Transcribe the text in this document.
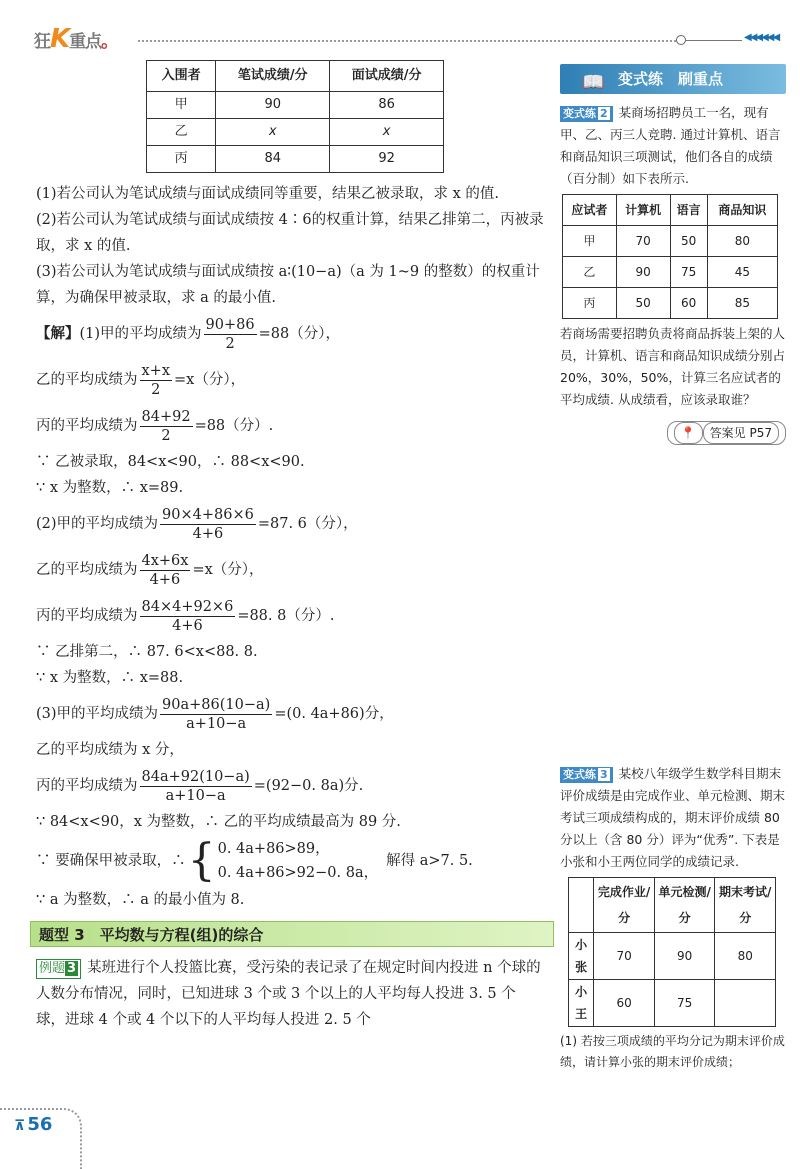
狂K重点。	◀◀◀◀◀◀
入围者	笔试成绩/分	面试成绩/分
甲	90	86
乙	x	x
丙	84	92

(1)若公司认为笔试成绩与面试成绩同等重要，结果乙被录取，求 x 的值.

(2)若公司认为笔试成绩与面试成绩按 4∶6的权重计算，结果乙排第二，丙被录取，求 x 的值.

(3)若公司认为笔试成绩与面试成绩按 a∶(10−a)（a 为 1~9 的整数）的权重计算，为确保甲被录取，求 a 的最小值.

【解】 (1)甲的平均成绩为 $\frac{90+86}{2} =88$（分），
乙的平均成绩为 $\frac{x+x}{2} =x$（分），
丙的平均成绩为 $\frac{84+92}{2} =88$（分）.

∵ 乙被录取，84<x<90，∴ 88<x<90.

∵ x 为整数，∴ x=89.

(2)甲的平均成绩为 $\frac{90\times 4+86\times 6}{4+6} =87$. 6（分），
乙的平均成绩为 $\frac{4x+6x}{4+6} =x$（分），
丙的平均成绩为 $\frac{84\times 4+92\times 6}{4+6} =88$. 8（分）.

∵ 乙排第二，∴ 87. 6<x<88. 8.

∵ x 为整数，∴ x=88.

(3)甲的平均成绩为 $\frac{90a+86(10-a)}{a+10-a} =(0$. 4a+86)分，

乙的平均成绩为 x 分，

丙的平均成绩为 $\frac{84a+92(10-a)}{a+10-a} =(92-0$. 8a)分.

∵ 84<x<90，x 为整数，∴ 乙的平均成绩最高为 89 分.

∵ 要确保甲被录取，∴ { 0. 4a+86>89，
0. 4a+86>92−0. 8a，
解得 a>7. 5.

∵ a 为整数，∴ a 的最小值为 8.

题型 3　平均数与方程(组)的综合

例题 3 某班进行个人投篮比赛，受污染的表记录了在规定时间内投进 n 个球的人数分布情况，同时，已知进球 3 个或 3 个以上的人平均每人投进 3. 5 个球，进球 4 个或 4 个以下的人平均每人投进 2. 5 个

📖 变式练　刷重点
变式练 2 某商场招聘员工一名，现有甲、乙、丙三人竞聘. 通过计算机、语言和商品知识三项测试，他们各自的成绩（百分制）如下表所示.
应试者	计算机	语言	商品知识
甲	70	50	80
乙	90	75	45
丙	50	60	85
若商场需要招聘负责将商品拆装上架的人员，计算机、语言和商品知识成绩分别占 20%，30%，50%，计算三名应试者的平均成绩. 从成绩看，应该录取谁？
📍 答案见 P57
变式练 3 某校八年级学生数学科目期末评价成绩是由完成作业、单元检测、期末考试三项成绩构成的，期末评价成绩 80 分以上（含 80 分）评为“优秀”. 下表是小张和小王两位同学的成绩记录.
	完成作业/分	单元检测/分	期末考试/分
小张	70	90	80
小王	60	75	
(1) 若按三项成绩的平均分记为期末评价成绩，请计算小张的期末评价成绩；
⊼ 56
